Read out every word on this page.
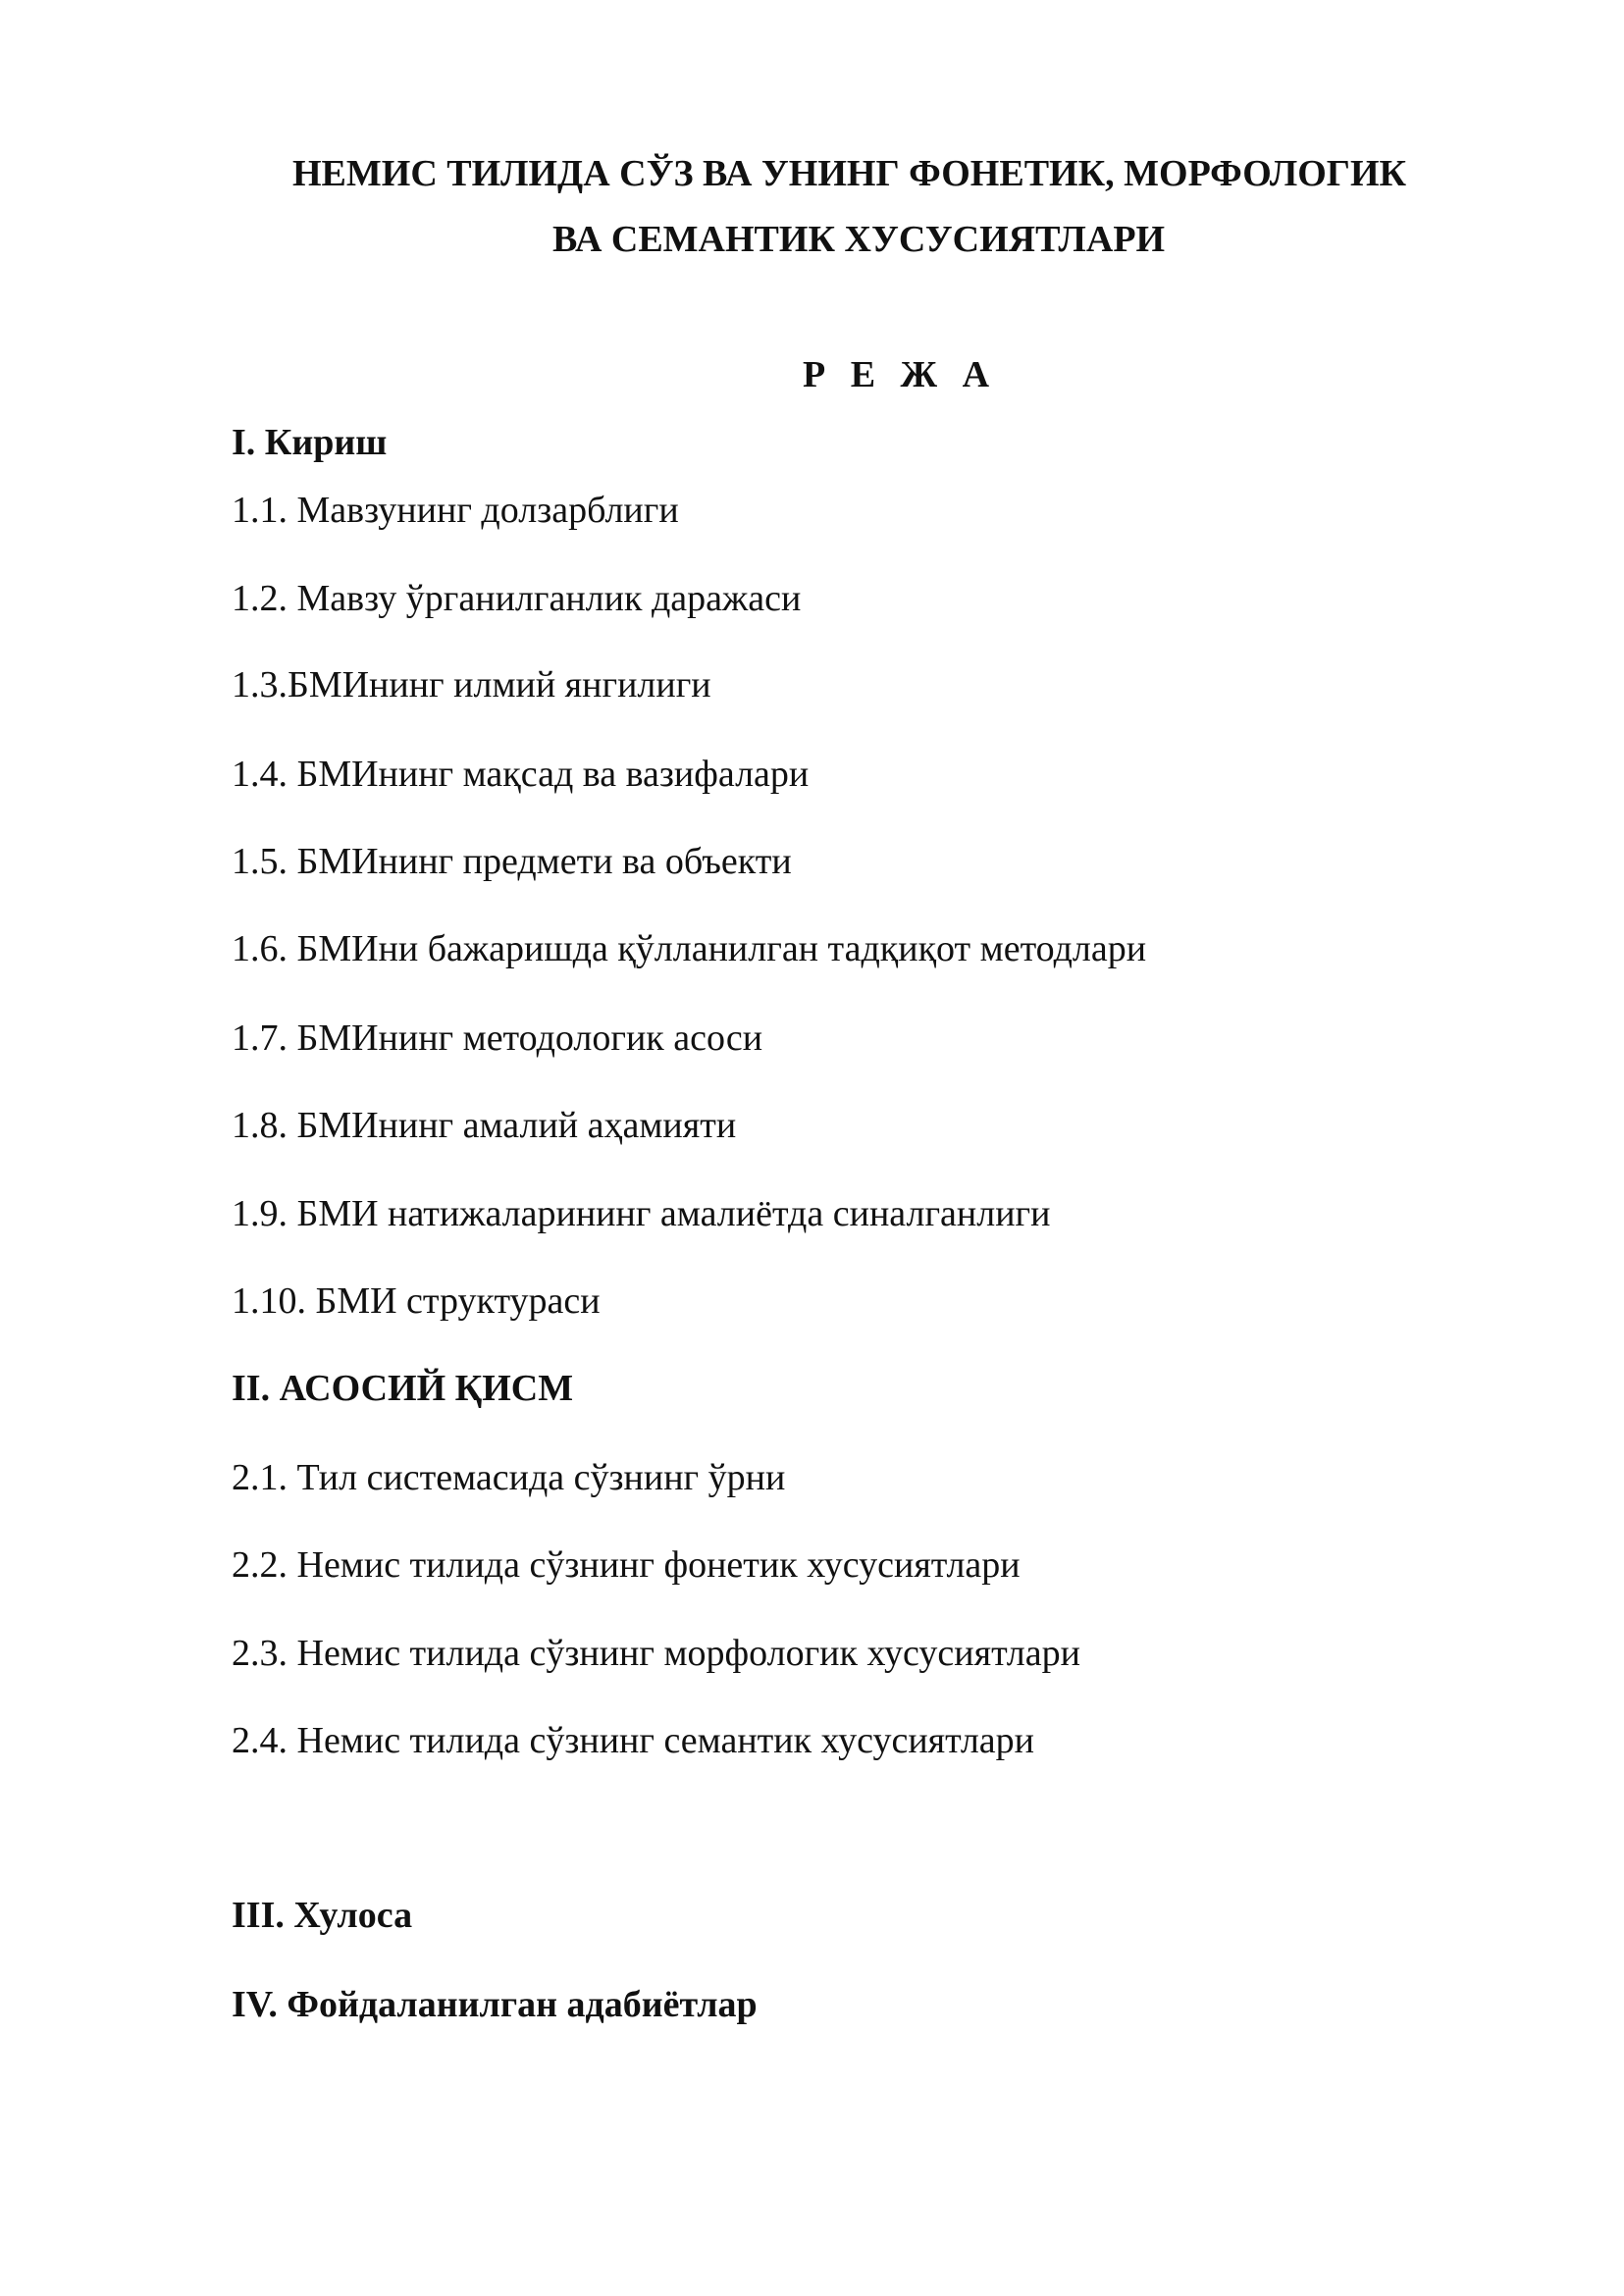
НЕМИС ТИЛИДА СЎЗ ВА УНИНГ ФОНЕТИК, МОРФОЛОГИК
ВА СЕМАНТИК ХУСУСИЯТЛАРИ
Р Е Ж А
I. Кириш
1.1. Мавзунинг долзарблиги
1.2. Мавзу ўрганилганлик даражаси
1.3.БМИнинг илмий янгилиги
1.4. БМИнинг мақсад ва вазифалари
1.5. БМИнинг предмети ва объекти
1.6. БМИни бажаришда қўлланилган тадқиқот методлари
1.7. БМИнинг методологик асоси
1.8. БМИнинг амалий аҳамияти
1.9. БМИ натижаларининг амалиётда синалганлиги
1.10. БМИ структураси
II. АСОСИЙ ҚИСМ
2.1. Тил системасида сўзнинг ўрни
2.2. Немис тилида сўзнинг фонетик хусусиятлари
2.3. Немис тилида сўзнинг морфологик хусусиятлари
2.4. Немис тилида сўзнинг семантик хусусиятлари
III. Хулоса
IV. Фойдаланилган адабиётлар
